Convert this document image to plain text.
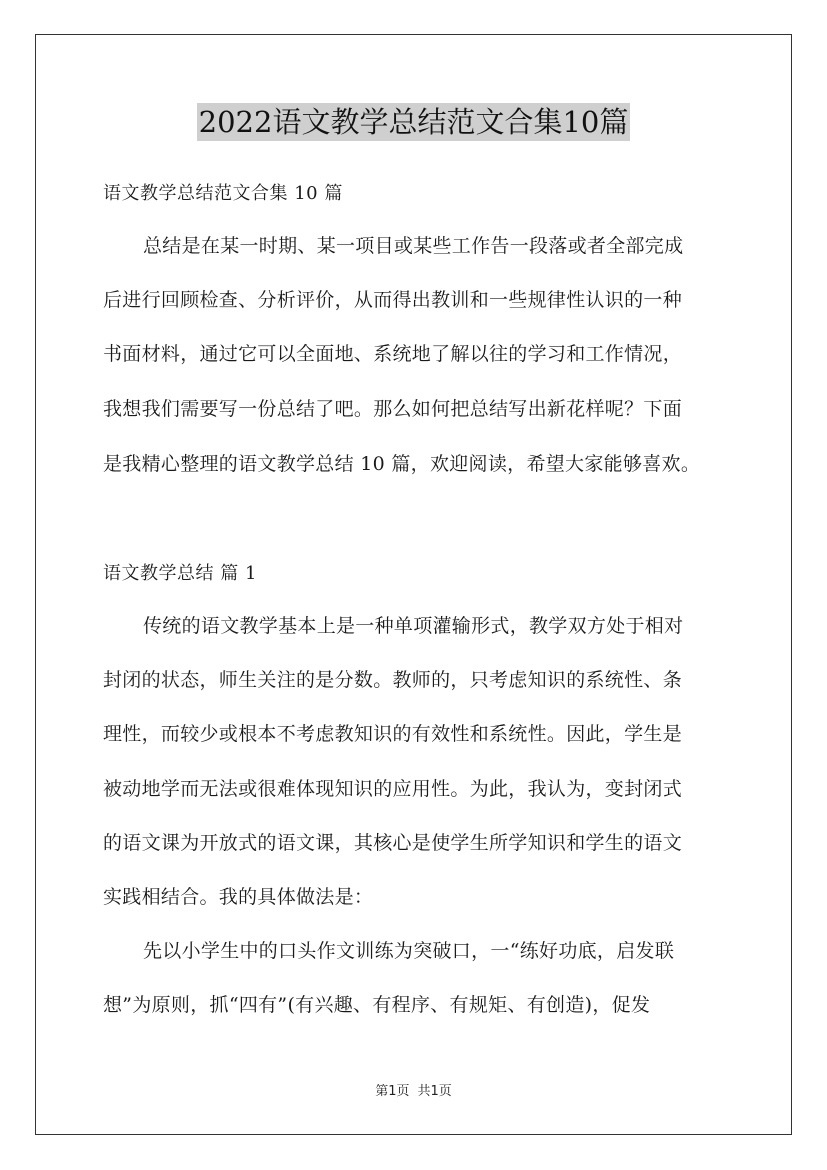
2022语文教学总结范文合集10篇
语文教学总结范文合集 10 篇
总结是在某一时期、某一项目或某些工作告一段落或者全部完成
后进行回顾检查、分析评价，从而得出教训和一些规律性认识的一种
书面材料，通过它可以全面地、系统地了解以往的学习和工作情况，
我想我们需要写一份总结了吧。那么如何把总结写出新花样呢？下面
是我精心整理的语文教学总结 10 篇，欢迎阅读，希望大家能够喜欢。
语文教学总结 篇 1
传统的语文教学基本上是一种单项灌输形式，教学双方处于相对
封闭的状态，师生关注的是分数。教师的，只考虑知识的系统性、条
理性，而较少或根本不考虑教知识的有效性和系统性。因此，学生是
被动地学而无法或很难体现知识的应用性。为此，我认为，变封闭式
的语文课为开放式的语文课，其核心是使学生所学知识和学生的语文
实践相结合。我的具体做法是：
先以小学生中的口头作文训练为突破口，一“练好功底，启发联
想”为原则，抓“四有”(有兴趣、有程序、有规矩、有创造)，促发
第1页 共1页
